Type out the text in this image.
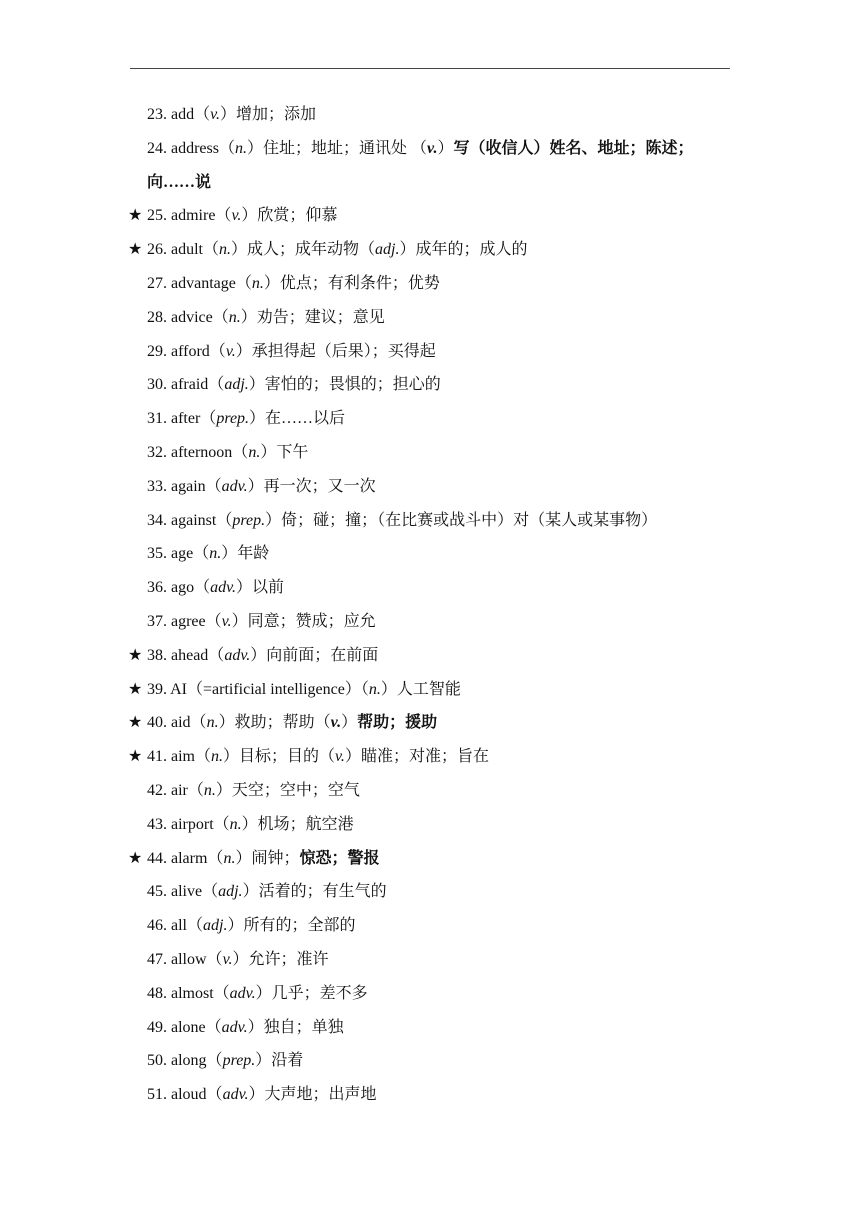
23. add（v.）增加；添加
24. address（n.）住址；地址；通讯处 （v.）写（收信人）姓名、地址；陈述；向……说
★ 25. admire（v.）欣赏；仰慕
★ 26. adult（n.）成人；成年动物（adj.）成年的；成人的
27. advantage（n.）优点；有利条件；优势
28. advice（n.）劝告；建议；意见
29. afford（v.）承担得起（后果）；买得起
30. afraid（adj.）害怕的；畏惧的；担心的
31. after（prep.）在……以后
32. afternoon（n.）下午
33. again（adv.）再一次；又一次
34. against（prep.）倚；碰；撞；（在比赛或战斗中）对（某人或某事物）
35. age（n.）年龄
36. ago（adv.）以前
37. agree（v.）同意；赞成；应允
★ 38. ahead（adv.）向前面；在前面
★ 39. AI（=artificial intelligence）（n.）人工智能
★ 40. aid（n.）救助；帮助（v.）帮助；援助
★ 41. aim（n.）目标；目的（v.）瞄准；对准；旨在
42. air（n.）天空；空中；空气
43. airport（n.）机场；航空港
★ 44. alarm（n.）闹钟；惊恐；警报
45. alive（adj.）活着的；有生气的
46. all（adj.）所有的；全部的
47. allow（v.）允许；准许
48. almost（adv.）几乎；差不多
49. alone（adv.）独自；单独
50. along（prep.）沿着
51. aloud（adv.）大声地；出声地
